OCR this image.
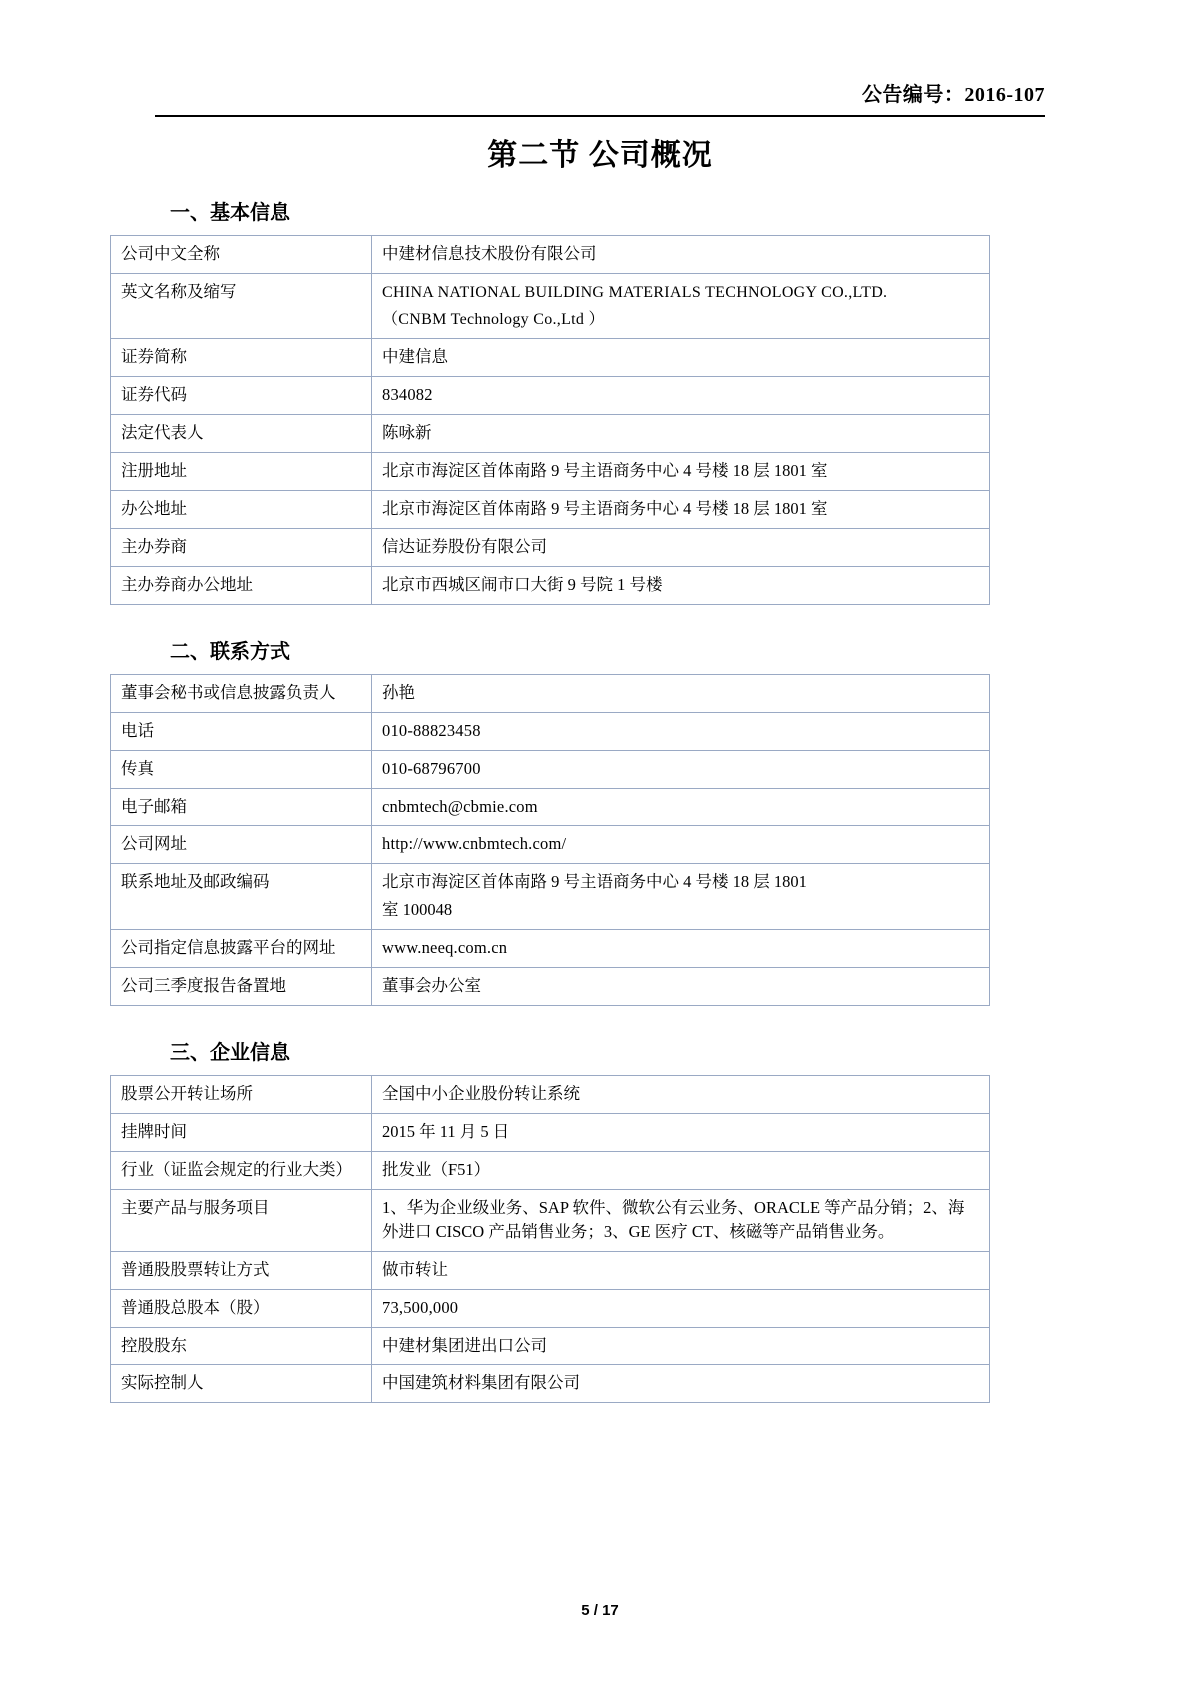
公告编号：2016-107
第二节 公司概况
一、基本信息
公司中文全称	中建材信息技术股份有限公司
英文名称及缩写	CHINA NATIONAL BUILDING MATERIALS TECHNOLOGY CO.,LTD.
（CNBM Technology Co.,Ltd ）

证券简称	中建信息
证券代码	834082
法定代表人	陈咏新
注册地址	北京市海淀区首体南路 9 号主语商务中心 4 号楼 18 层 1801 室
办公地址	北京市海淀区首体南路 9 号主语商务中心 4 号楼 18 层 1801 室
主办券商	信达证券股份有限公司
主办券商办公地址	北京市西城区闹市口大街 9 号院 1 号楼
二、联系方式
董事会秘书或信息披露负责人	孙艳
电话	010-88823458
传真	010-68796700
电子邮箱	cnbmtech@cbmie.com
公司网址	http://www.cnbmtech.com/
联系地址及邮政编码	北京市海淀区首体南路 9 号主语商务中心 4 号楼 18 层 1801
室 100048

公司指定信息披露平台的网址	www.neeq.com.cn
公司三季度报告备置地	董事会办公室
三、企业信息
股票公开转让场所	全国中小企业股份转让系统
挂牌时间	2015 年 11 月 5 日
行业（证监会规定的行业大类）	批发业（F51）
主要产品与服务项目	1、华为企业级业务、SAP 软件、微软公有云业务、ORACLE 等产品分销；2、海外进口 CISCO 产品销售业务；3、GE 医疗 CT、核磁等产品销售业务。
普通股股票转让方式	做市转让
普通股总股本（股）	73,500,000
控股股东	中建材集团进出口公司
实际控制人	中国建筑材料集团有限公司
5 / 17
